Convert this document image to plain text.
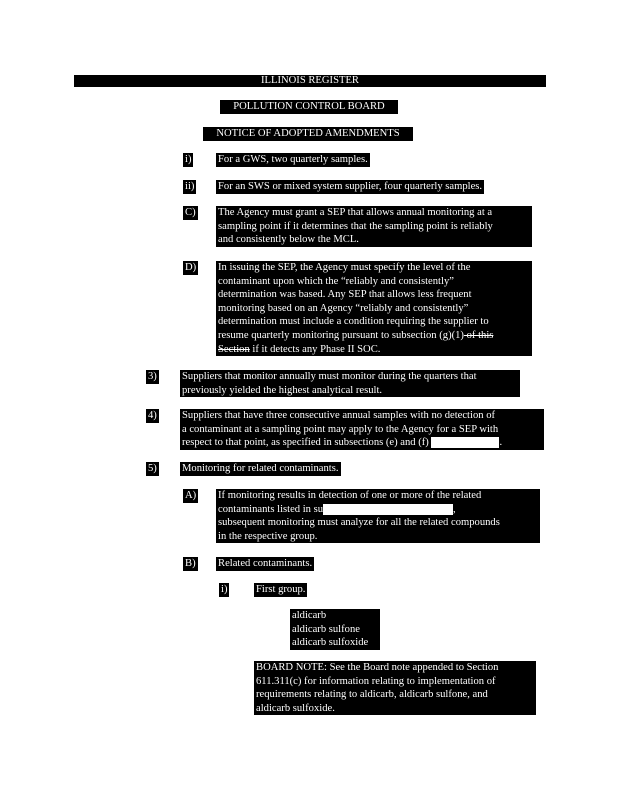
ILLINOIS REGISTER
POLLUTION CONTROL BOARD
NOTICE OF ADOPTED AMENDMENTS
i)	For a GWS, two quarterly samples.
ii) For an SWS or mixed system supplier, four quarterly samples.
C) The Agency must grant a SEP that allows annual monitoring at a
sampling point if it determines that the sampling point is reliably
and consistently below the MCL.
D) In issuing the SEP, the Agency must specify the level of the
contaminant upon which the “reliably and consistently”
determination was based. Any SEP that allows less frequent
monitoring based on an Agency “reliably and consistently”
determination must include a condition requiring the supplier to
resume quarterly monitoring pursuant to subsection (g)(1) of this
Section if it detects any Phase II SOC.
3) Suppliers that monitor annually must monitor during the quarters that
previously yielded the highest analytical result.
4) Suppliers that have three consecutive annual samples with no detection of
a contaminant at a sampling point may apply to the Agency for a SEP with
respect to that point, as specified in subsections (e) and (f)	.
5) Monitoring for related contaminants.
A) If monitoring results in detection of one or more of the related
contaminants listed in su	,
subsequent monitoring must analyze for all the related compounds
in the respective group.
B) Related contaminants.
i)	First group.
aldicarb
aldicarb sulfone
aldicarb sulfoxide
BOARD NOTE: See the Board note appended to Section
611.311(c) for information relating to implementation of
requirements relating to aldicarb, aldicarb sulfone, and
aldicarb sulfoxide.
